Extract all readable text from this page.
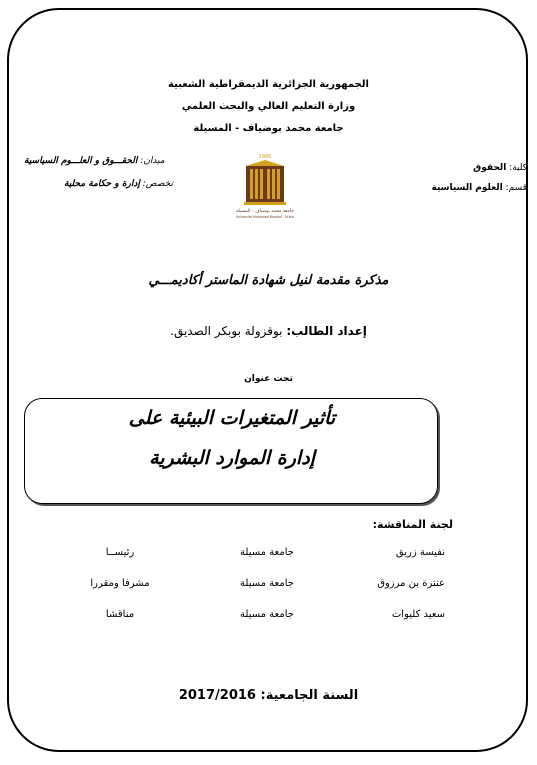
الجمهورية الجزائرية الديمقراطية الشعبية
وزارة التعليم العالي والبحث العلمي
جامعة محمد بوضياف - المسيلة
كلية: الحقوق
قسم: العلوم السياسية
ميدان: الحقـــوق و العلـــوم السياسية
تخصص: إدارة و حكامة محلية
1985
جامعة محمد بوضياف - المسيلة
Université Mohamed Boudiaf - M'sila
مذكرة مقدمة لنيل شهادة الماستر أكاديمـــي
إعداد الطالب: بوقزولة بوبكر الصديق.
تحت عنوان
تأثير المتغيرات البيئية على
إدارة الموارد البشرية
لجنة المناقشة:
نفيسة زريق
جامعة مسيلة
رئيســا
عنترة بن مرزوق
جامعة مسيلة
مشرفا ومقررا
سعيد كليوات
جامعة مسيلة
مناقشا
السنة الجامعية: 2017/2016
